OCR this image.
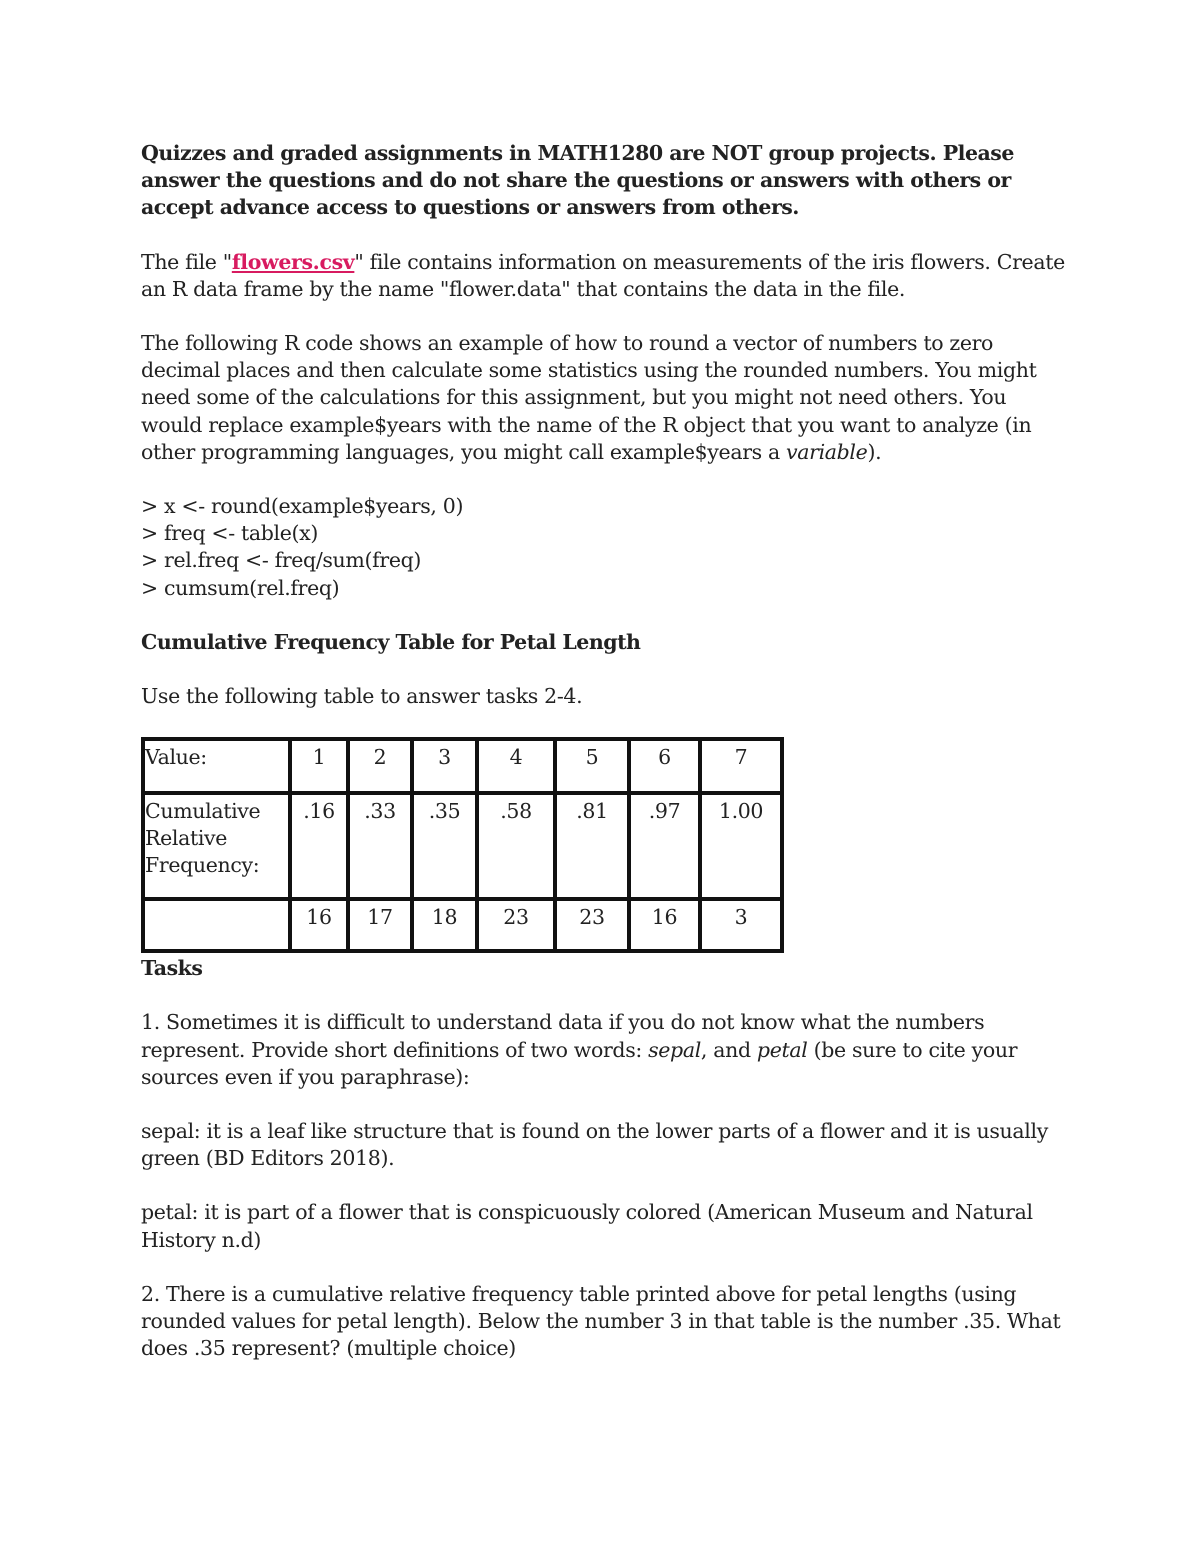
Quizzes and graded assignments in MATH1280 are NOT group projects. Please answer the questions and do not share the questions or answers with others or accept advance access to questions or answers from others.

The file "flowers.csv" file contains information on measurements of the iris flowers. Create an R data frame by the name "flower.data" that contains the data in the file.

The following R code shows an example of how to round a vector of numbers to zero decimal places and then calculate some statistics using the rounded numbers. You might need some of the calculations for this assignment, but you might not need others. You would replace example$years with the name of the R object that you want to analyze (in other programming languages, you might call example$years a variable).

> x <- round(example$years, 0)

> freq <- table(x)

> rel.freq <- freq/sum(freq)

> cumsum(rel.freq)

Cumulative Frequency Table for Petal Length

Use the following table to answer tasks 2-4.

Value:	1	2	3	4	5	6	7
Cumulative Relative Frequency:	.16	.33	.35	.58	.81	.97	1.00
	16	17	18	23	23	16	3

Tasks

1. Sometimes it is difficult to understand data if you do not know what the numbers represent. Provide short definitions of two words: sepal, and petal (be sure to cite your sources even if you paraphrase):

sepal: it is a leaf like structure that is found on the lower parts of a flower and it is usually green (BD Editors 2018).

petal: it is part of a flower that is conspicuously colored (American Museum and Natural History n.d)

2. There is a cumulative relative frequency table printed above for petal lengths (using rounded values for petal length). Below the number 3 in that table is the number .35. What does .35 represent? (multiple choice)
